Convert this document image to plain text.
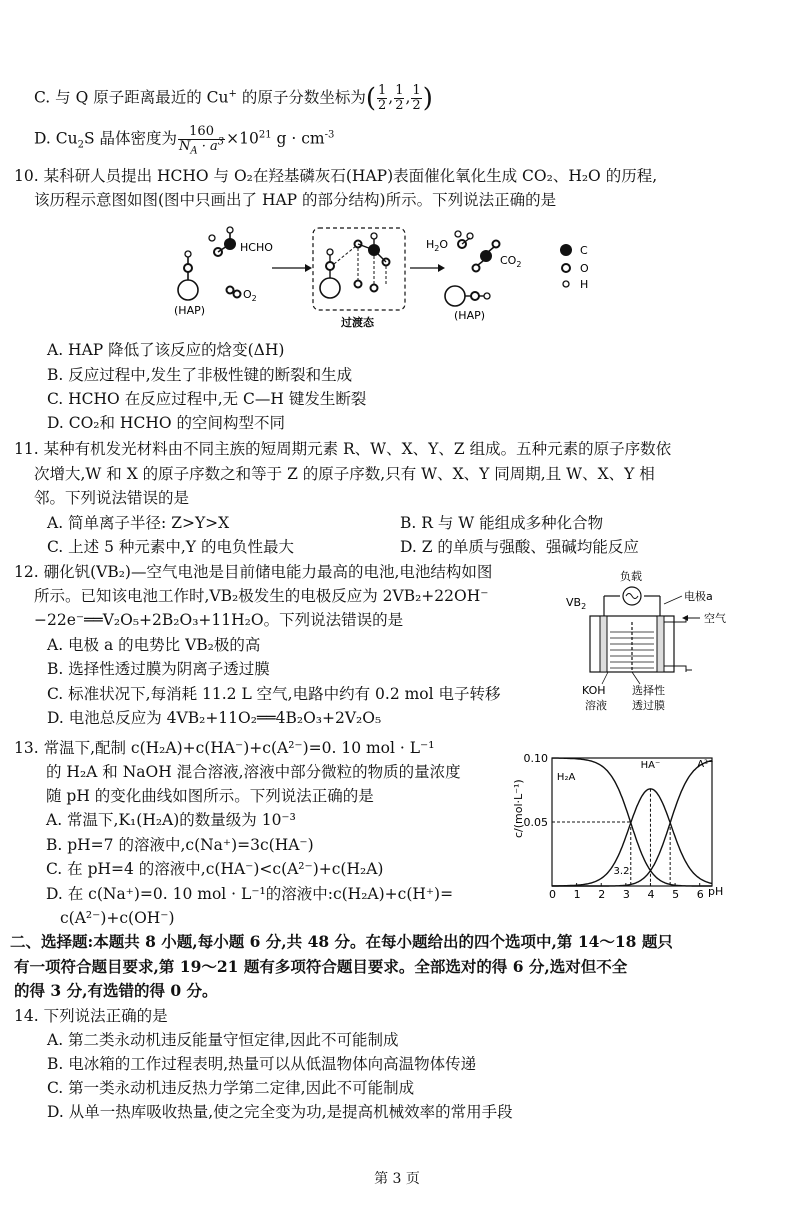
C. 与 Q 原子距离最近的 Cu+ 的原子分数坐标为( $\frac{1}{2}$ , $\frac{1}{2}$ , $\frac{1}{2}$ )
D. $Cu_2S$ 晶体密度为 $\frac{160}{N_A \cdot a^3} \times 10^{21}$ $g \cdot cm^{-3}$
10. 某科研人员提出 HCHO 与 O₂在羟基磷灰石(HAP)表面催化氧化生成 CO₂、H₂O 的历程,
该历程示意图如图(图中只画出了 HAP 的部分结构)所示。下列说法正确的是
HCHO
(HAP)
$O_2$
过渡态
$H_2O$
$CO_2$
(HAP)
C
O
H
A. HAP 降低了该反应的焓变(ΔH)
B. 反应过程中,发生了非极性键的断裂和生成
C. HCHO 在反应过程中,无 C—H 键发生断裂
D. CO₂和 HCHO 的空间构型不同
11. 某种有机发光材料由不同主族的短周期元素 R、W、X、Y、Z 组成。五种元素的原子序数依
次增大,W 和 X 的原子序数之和等于 Z 的原子序数,只有 W、X、Y 同周期,且 W、X、Y 相
邻。下列说法错误的是
A. 简单离子半径: Z>Y>X	B. R 与 W 能组成多种化合物
C. 上述 5 种元素中,Y 的电负性最大	D. Z 的单质与强酸、强碱均能反应
12. 硼化钒(VB₂)—空气电池是目前储电能力最高的电池,电池结构如图
所示。已知该电池工作时,VB₂极发生的电极反应为 2VB₂+22OH⁻
−22e⁻══V₂O₅+2B₂O₃+11H₂O。下列说法错误的是
A. 电极 a 的电势比 VB₂极的高
B. 选择性透过膜为阴离子透过膜
C. 标准状况下,每消耗 11.2 L 空气,电路中约有 0.2 mol 电子转移
D. 电池总反应为 4VB₂+11O₂══4B₂O₃+2V₂O₅
负载
$VB_2$
电极a
空气
KOH
溶液
选择性
透过膜
13. 常温下,配制 c(H₂A)+c(HA⁻)+c(A²⁻)=0. 10 mol · L⁻¹
的 H₂A 和 NaOH 混合溶液,溶液中部分微粒的物质的量浓度
随 pH 的变化曲线如图所示。下列说法正确的是
A. 常温下,K₁(H₂A)的数量级为 10⁻³
B. pH=7 的溶液中,c(Na⁺)=3c(HA⁻)
C. 在 pH=4 的溶液中,c(HA⁻)<c(A²⁻)+c(H₂A)
D. 在 c(Na⁺)=0. 10 mol · L⁻¹的溶液中:c(H₂A)+c(H⁺)=
c(A²⁻)+c(OH⁻)
0 1 2 3 4 5 6
0.05
0.10
3.2
H₂A
HA⁻	A²⁻
pH
c/(mol·L⁻¹)
二、选择题:本题共 8 小题,每小题 6 分,共 48 分。在每小题给出的四个选项中,第 14～18 题只
有一项符合题目要求,第 19～21 题有多项符合题目要求。全部选对的得 6 分,选对但不全
的得 3 分,有选错的得 0 分。
14. 下列说法正确的是
A. 第二类永动机违反能量守恒定律,因此不可能制成
B. 电冰箱的工作过程表明,热量可以从低温物体向高温物体传递
C. 第一类永动机违反热力学第二定律,因此不可能制成
D. 从单一热库吸收热量,使之完全变为功,是提高机械效率的常用手段
第 3 页
